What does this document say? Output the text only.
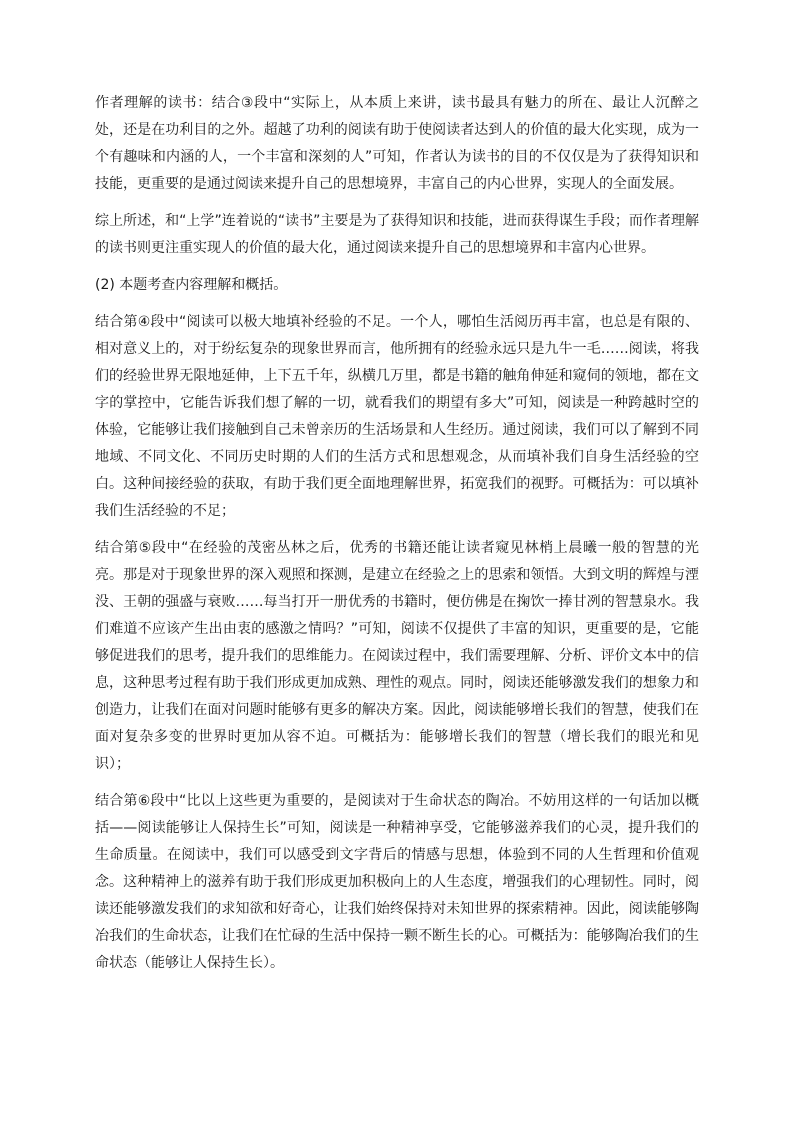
作者理解的读书：结合③段中“实际上，从本质上来讲，读书最具有魅力的所在、最让人沉醉之处，还是在功利目的之外。超越了功利的阅读有助于使阅读者达到人的价值的最大化实现，成为一个有趣味和内涵的人，一个丰富和深刻的人”可知，作者认为读书的目的不仅仅是为了获得知识和技能，更重要的是通过阅读来提升自己的思想境界，丰富自己的内心世界，实现人的全面发展。

综上所述，和“上学”连着说的“读书”主要是为了获得知识和技能，进而获得谋生手段；而作者理解的读书则更注重实现人的价值的最大化，通过阅读来提升自己的思想境界和丰富内心世界。

(2) 本题考查内容理解和概括。

结合第④段中“阅读可以极大地填补经验的不足。一个人，哪怕生活阅历再丰富，也总是有限的、相对意义上的，对于纷纭复杂的现象世界而言，他所拥有的经验永远只是九牛一毛……阅读，将我们的经验世界无限地延伸，上下五千年，纵横几万里，都是书籍的触角伸延和窥伺的领地，都在文字的掌控中，它能告诉我们想了解的一切，就看我们的期望有多大”可知，阅读是一种跨越时空的体验，它能够让我们接触到自己未曾亲历的生活场景和人生经历。通过阅读，我们可以了解到不同地域、不同文化、不同历史时期的人们的生活方式和思想观念，从而填补我们自身生活经验的空白。这种间接经验的获取，有助于我们更全面地理解世界，拓宽我们的视野。可概括为：可以填补我们生活经验的不足；

结合第⑤段中“在经验的茂密丛林之后，优秀的书籍还能让读者窥见林梢上晨曦一般的智慧的光亮。那是对于现象世界的深入观照和探测，是建立在经验之上的思索和领悟。大到文明的辉煌与湮没、王朝的强盛与衰败……每当打开一册优秀的书籍时，便仿佛是在掬饮一捧甘冽的智慧泉水。我们难道不应该产生出由衷的感激之情吗？”可知，阅读不仅提供了丰富的知识，更重要的是，它能够促进我们的思考，提升我们的思维能力。在阅读过程中，我们需要理解、分析、评价文本中的信息，这种思考过程有助于我们形成更加成熟、理性的观点。同时，阅读还能够激发我们的想象力和创造力，让我们在面对问题时能够有更多的解决方案。因此，阅读能够增长我们的智慧，使我们在面对复杂多变的世界时更加从容不迫。可概括为：能够增长我们的智慧（增长我们的眼光和见识）；

结合第⑥段中“比以上这些更为重要的，是阅读对于生命状态的陶冶。不妨用这样的一句话加以概括——阅读能够让人保持生长”可知，阅读是一种精神享受，它能够滋养我们的心灵，提升我们的生命质量。在阅读中，我们可以感受到文字背后的情感与思想，体验到不同的人生哲理和价值观念。这种精神上的滋养有助于我们形成更加积极向上的人生态度，增强我们的心理韧性。同时，阅读还能够激发我们的求知欲和好奇心，让我们始终保持对未知世界的探索精神。因此，阅读能够陶冶我们的生命状态，让我们在忙碌的生活中保持一颗不断生长的心。可概括为：能够陶冶我们的生命状态（能够让人保持生长）。
